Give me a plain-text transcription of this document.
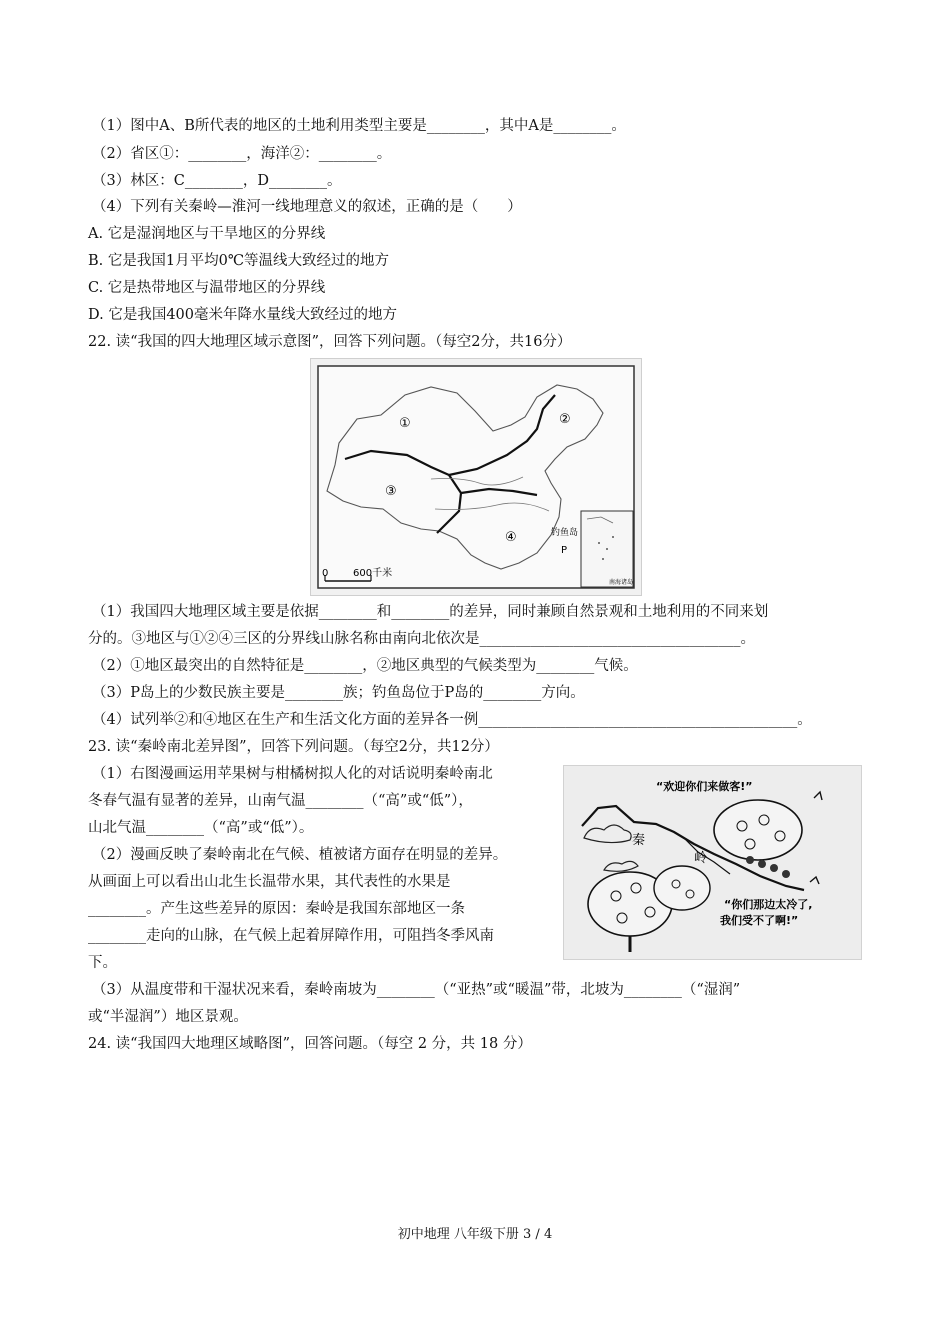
（1）图中A、B所代表的地区的土地利用类型主要是________，其中A是________。
（2）省区①：________，海洋②：________。
（3）林区：C________，D________。
（4）下列有关秦岭—淮河一线地理意义的叙述，正确的是（　　）
A. 它是湿润地区与干旱地区的分界线
B. 它是我国1月平均0℃等温线大致经过的地方
C. 它是热带地区与温带地区的分界线
D. 它是我国400毫米年降水量线大致经过的地方
22. 读“我国的四大地理区域示意图”，回答下列问题。（每空2分，共16分）
①	②
③
④	钓鱼岛
P
0 600千米
南海诸岛
（1）我国四大地理区域主要是依据________和________的差异，同时兼顾自然景观和土地利用的不同来划
分的。③地区与①②④三区的分界线山脉名称由南向北依次是____________________________________。
（2）①地区最突出的自然特征是________，②地区典型的气候类型为________气候。
（3）P岛上的少数民族主要是________族；钓鱼岛位于P岛的________方向。
（4）试列举②和④地区在生产和生活文化方面的差异各一例____________________________________________。
23. 读“秦岭南北差异图”，回答下列问题。（每空2分，共12分）
（1）右图漫画运用苹果树与柑橘树拟人化的对话说明秦岭南北
冬春气温有显著的差异，山南气温________（“高”或“低”），
山北气温________（“高”或“低”）。
（2）漫画反映了秦岭南北在气候、植被诸方面存在明显的差异。
从画面上可以看出山北生长温带水果，其代表性的水果是
________。产生这些差异的原因：秦岭是我国东部地区一条
________走向的山脉，在气候上起着屏障作用，可阻挡冬季风南
下。
“欢迎你们来做客!”
秦
岭
“你们那边太冷了,
我们受不了啊!”
（3）从温度带和干湿状况来看，秦岭南坡为________（“亚热”或“暖温”带，北坡为________（“湿润”
或“半湿润”）地区景观。
24. 读“我国四大地理区域略图”，回答问题。（每空 2 分，共 18 分）
初中地理 八年级下册 3 / 4
